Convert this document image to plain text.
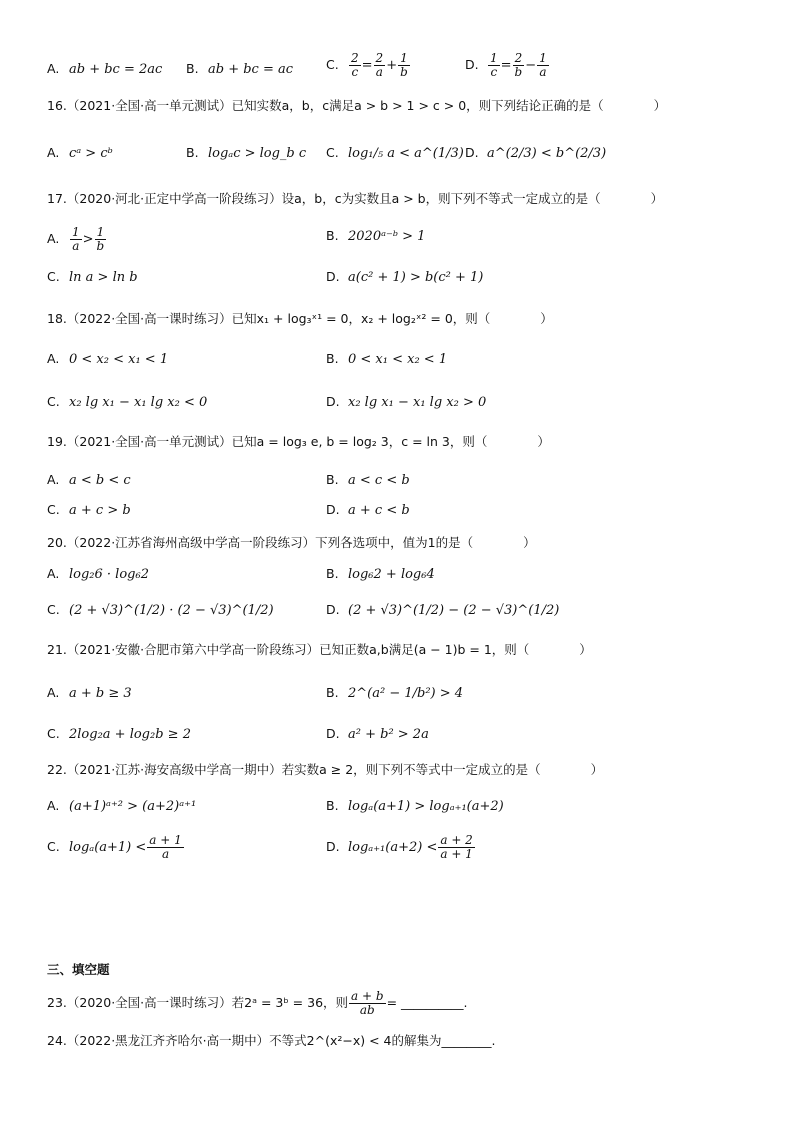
A. ab + bc = 2ac B. ab + bc = ac	C. $\frac{2}{c} = \frac{2}{a} + \frac{1}{b}$	D. $\frac{1}{c} = \frac{2}{b} - \frac{1}{a}$
16.（2021·全国·高一单元测试）已知实数a，b，c满足a > b > 1 > c > 0，则下列结论正确的是（　　　　）
A. cᵃ > cᵇ	B. logₐc > log_b c C. log₁/₅ a < a^(1/3) D. a^(2/3) < b^(2/3)
17.（2020·河北·正定中学高一阶段练习）设a，b，c为实数且a > b，则下列不等式一定成立的是（　　　　）
A. $\frac{1}{a} > \frac{1}{b}$	B. 2020ᵃ⁻ᵇ > 1
C. ln a > ln b	D. a(c² + 1) > b(c² + 1)
18.（2022·全国·高一课时练习）已知x₁ + log₃ˣ¹ = 0，x₂ + log₂ˣ² = 0，则（　　　　）
A. 0 < x₂ < x₁ < 1	B. 0 < x₁ < x₂ < 1
C. x₂ lg x₁ − x₁ lg x₂ < 0	D. x₂ lg x₁ − x₁ lg x₂ > 0
19.（2021·全国·高一单元测试）已知a = log₃ e, b = log₂ 3，c = ln 3，则（　　　　）
A. a < b < c	B. a < c < b
C. a + c > b	D. a + c < b
20.（2022·江苏省海州高级中学高一阶段练习）下列各选项中，值为1的是（　　　　）
A. log₂6 · log₆2	B. log₆2 + log₆4
C. (2 + √3)^(1/2) · (2 − √3)^(1/2)	D. (2 + √3)^(1/2) − (2 − √3)^(1/2)
21.（2021·安徽·合肥市第六中学高一阶段练习）已知正数a,b满足(a − 1)b = 1，则（　　　　）
A. a + b ≥ 3	B. 2^(a² − 1/b²) > 4
C. 2log₂a + log₂b ≥ 2	D. a² + b² > 2a
22.（2021·江苏·海安高级中学高一期中）若实数a ≥ 2，则下列不等式中一定成立的是（　　　　）
A. (a+1)ᵃ⁺² > (a+2)ᵃ⁺¹	B. logₐ(a+1) > logₐ₊₁(a+2)
C. $\log_a(a+1) < \frac{a + 1}{a}$	D. $\log_{a+1}(a+2) < \frac{a + 2}{a + 1}$
三、填空题
23.（2020·全国·高一课时练习）若2ᵃ = 3ᵇ = 36，则 $\frac{a + b}{ab}$ = __________.
24.（2022·黑龙江齐齐哈尔·高一期中）不等式2^(x²−x) < 4的解集为________.
